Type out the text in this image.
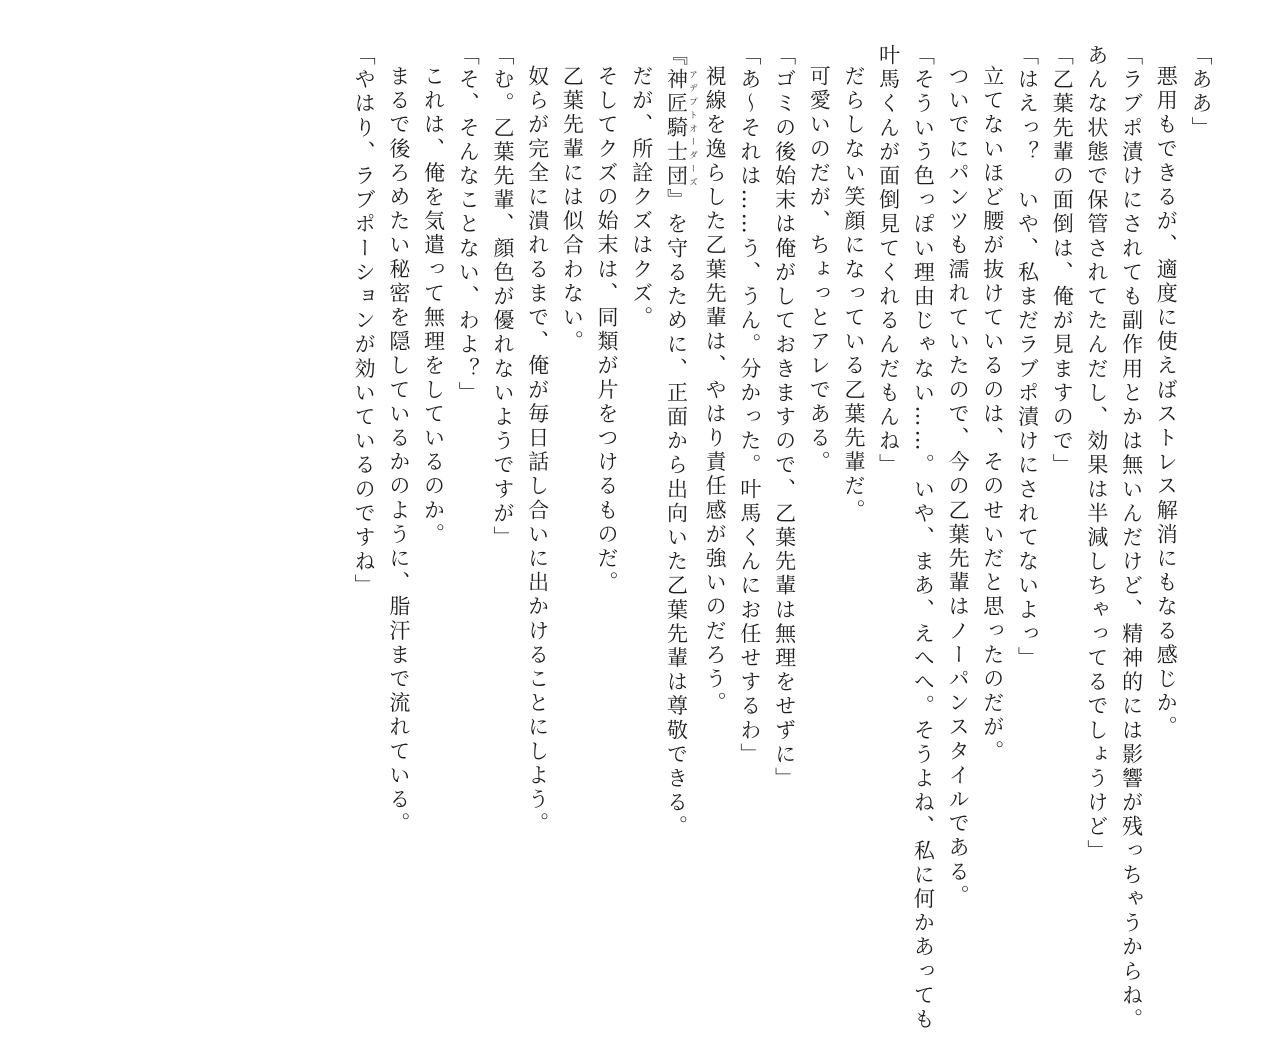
「ああ」

悪用もできるが、適度に使えばストレス解消にもなる感じか。

「ラブポ漬けにされても副作用とかは無いんだけど、精神的には影響が残っちゃうからね。

あんな状態で保管されてたんだし、効果は半減しちゃってるでしょうけど」

「乙葉先輩の面倒は、俺が見ますので」

「はえっ？　いや、私まだラブポ漬けにされてないよっ」

立てないほど腰が抜けているのは、そのせいだと思ったのだが。

ついでにパンツも濡れていたので、今の乙葉先輩はノーパンスタイルである。

「そういう色っぽい理由じゃない……。いや、まあ、えへへ。そうよね、私に何かあっても

叶馬くんが面倒見てくれるんだもんね」

だらしない笑顔になっている乙葉先輩だ。

可愛いのだが、ちょっとアレである。

「ゴミの後始末は俺がしておきますので、乙葉先輩は無理をせずに」

「あ〜それは……う、うん。分かった。叶馬くんにお任せするわ」

視線を逸らした乙葉先輩は、やはり責任感が強いのだろう。

『神匠騎士団 アデプトオーダーズ』を守るために、正面から出向いた乙葉先輩は尊敬できる。

だが、所詮クズはクズ。

そしてクズの始末は、同類が片をつけるものだ。

乙葉先輩には似合わない。

奴らが完全に潰れるまで、俺が毎日話し合いに出かけることにしよう。

「む。乙葉先輩、顔色が優れないようですが」

「そ、そんなことない、わよ？」

これは、俺を気遣って無理をしているのか。

まるで後ろめたい秘密を隠しているかのように、脂汗まで流れている。

「やはり、ラブポーションが効いているのですね」
